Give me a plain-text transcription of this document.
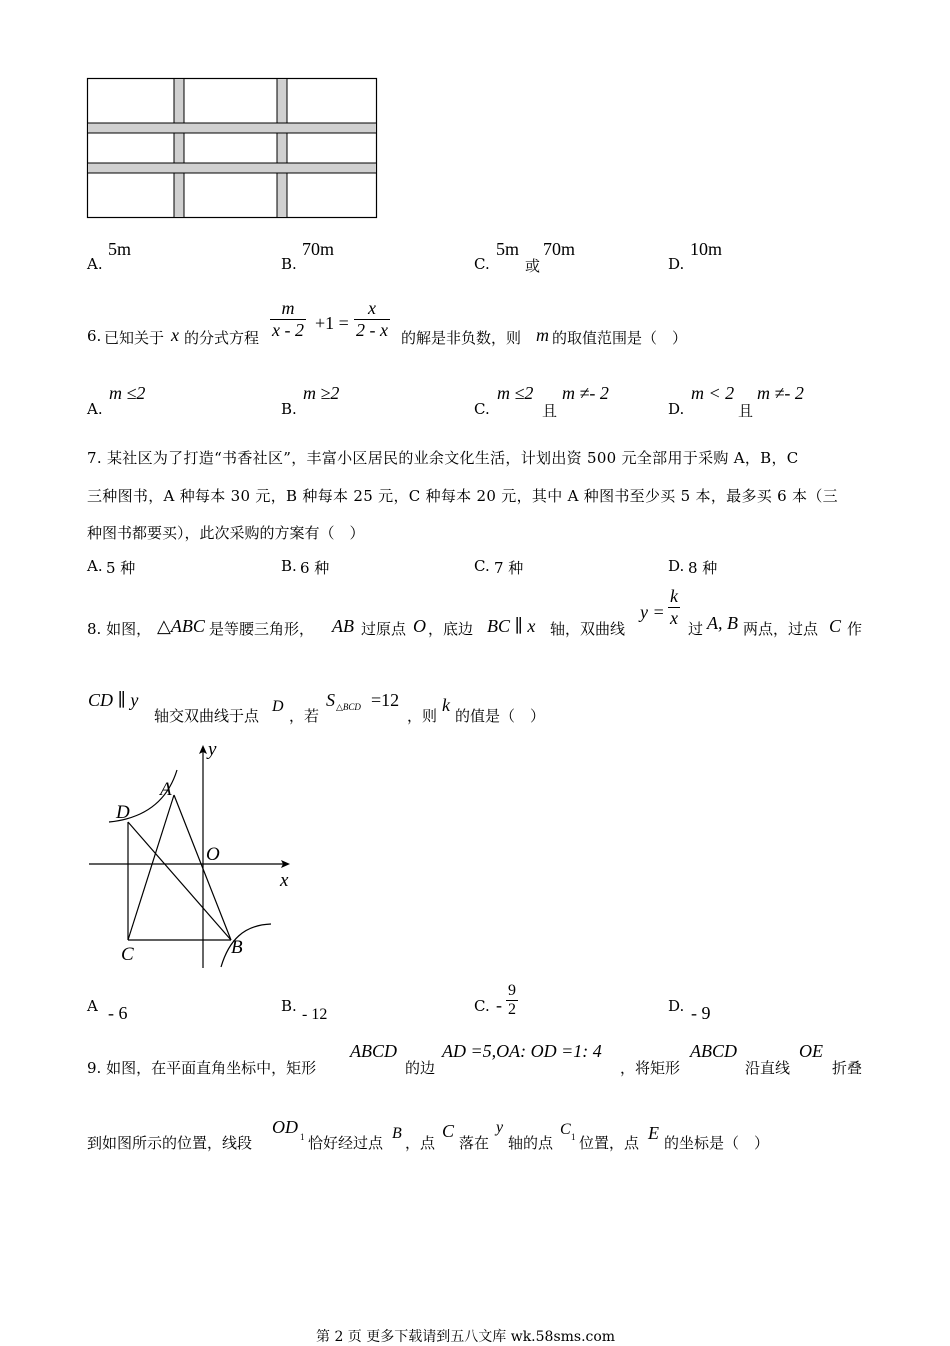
A.
5m
B.
70m
C.
5m
或
70m
D.
10m
6. 已知关于 x 的分式方程 $\frac{m}{x - 2} +1 = \frac{x}{2 - x}$ 的解是非负数，则 m 的取值范围是（　）
A.
m ≤2
B.
m ≥2
C.
m ≤2
且
m ≠- 2
D.
m < 2
且
m ≠- 2
7. 某社区为了打造“书香社区”，丰富小区居民的业余文化生活，计划出资 500 元全部用于采购 A，B，C
三种图书，A 种每本 30 元，B 种每本 25 元，C 种每本 20 元，其中 A 种图书至少买 5 本，最多买 6 本（三
种图书都要买），此次采购的方案有（　）
A. 5 种	B. 6 种	C. 7 种	D. 8 种
8. 如图， △ABC 是等腰三角形， AB 过原点 O ，底边 BC ∥ x 轴，双曲线
$y = \frac{k}{x}$ 过 A, B 两点，过点 C 作
CD ∥ y
轴交双曲线于点
D
，若
S △BCD =12
，则
k
的值是（　）
y
A
D
O
x
C	B
A - 6	B. - 12	C. - $\frac{9}{2}$	D. - 9
9. 如图，在平面直角坐标中，矩形
ABCD
的边
AD =5,OA: OD =1: 4
，将矩形
ABCD
沿直线
OE
折叠
到如图所示的位置，线段
OD 1 恰好经过点
B
，点
C
落在
y
轴的点
C 1 位置，点 E 的坐标是（　）
第 2 页 更多下载请到五八文库 wk.58sms.com
